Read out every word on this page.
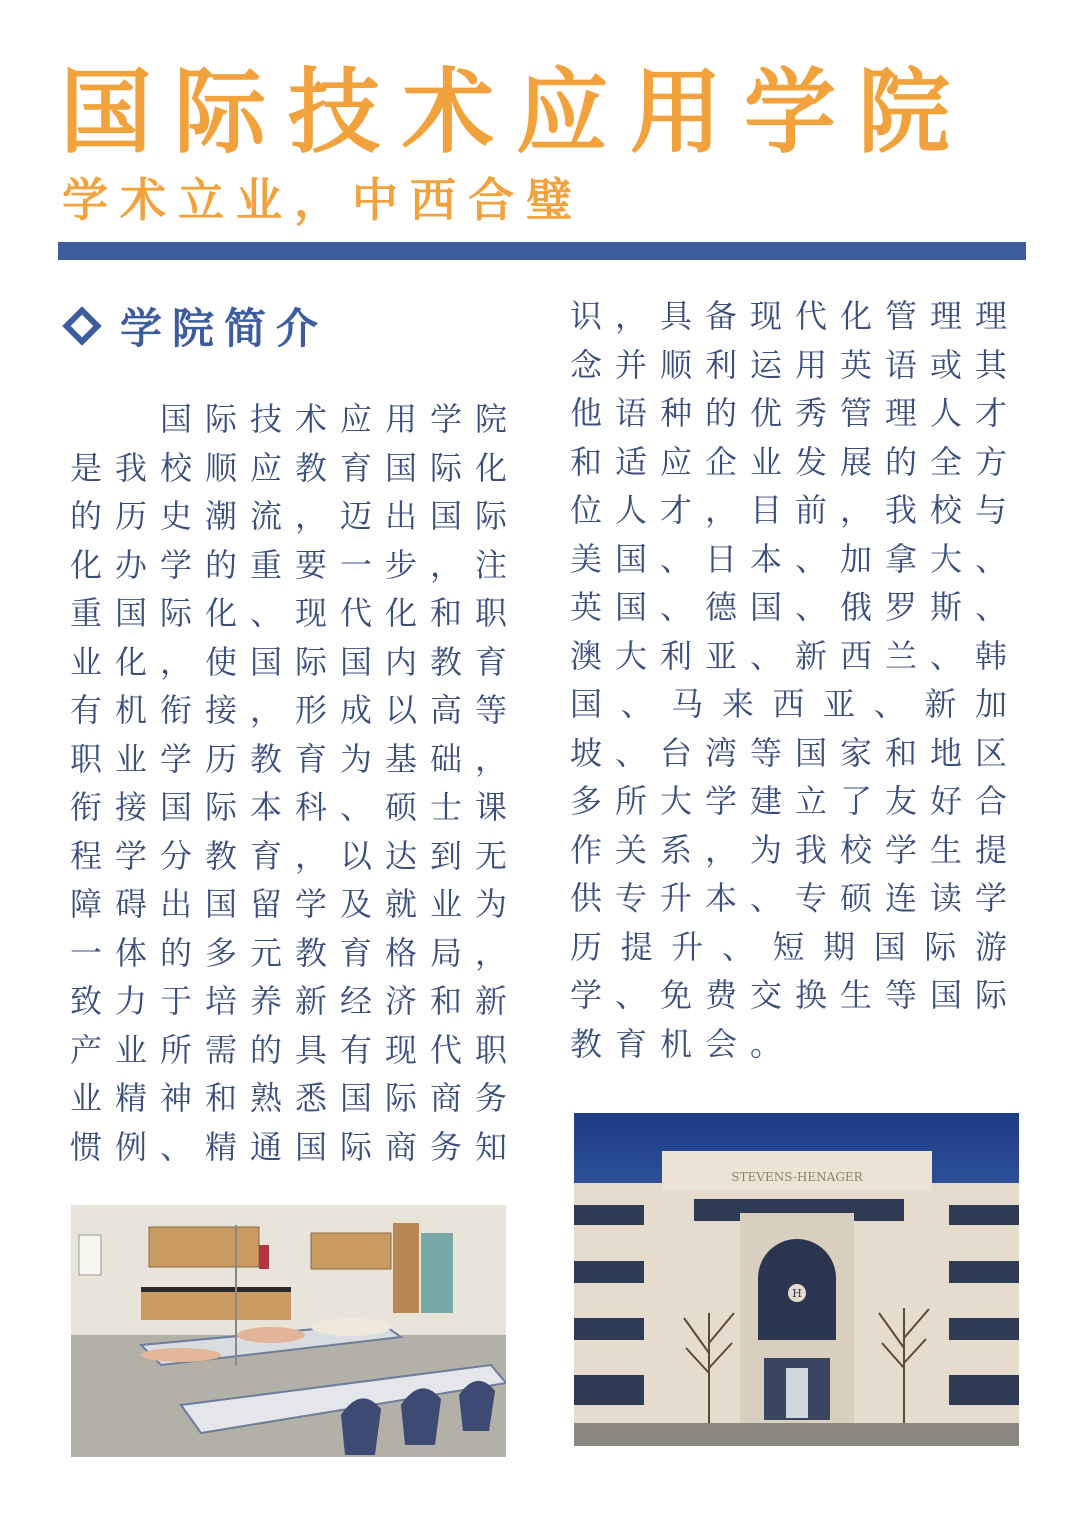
国际技术应用学院
学术立业，中西合璧
学院简介
国际技术应用学院是我校顺应教育国际化的历史潮流，迈出国际化办学的重要一步，注重国际化、现代化和职业化，使国际国内教育有机衔接，形成以高等职业学历教育为基础，衔接国际本科、硕士课程学分教育，以达到无障碍出国留学及就业为一体的多元教育格局，致力于培养新经济和新产业所需的具有现代职业精神和熟悉国际商务惯例、精通国际商务知
识，具备现代化管理理念并顺利运用英语或其他语种的优秀管理人才和适应企业发展的全方位人才，目前，我校与美国、日本、加拿大、英国、德国、俄罗斯、澳大利亚、新西兰、韩国、马来西亚、新加坡、台湾等国家和地区多所大学建立了友好合作关系，为我校学生提供专升本、专硕连读学历提升、短期国际游学、免费交换生等国际教育机会。
STEVENS-HENAGER
H
